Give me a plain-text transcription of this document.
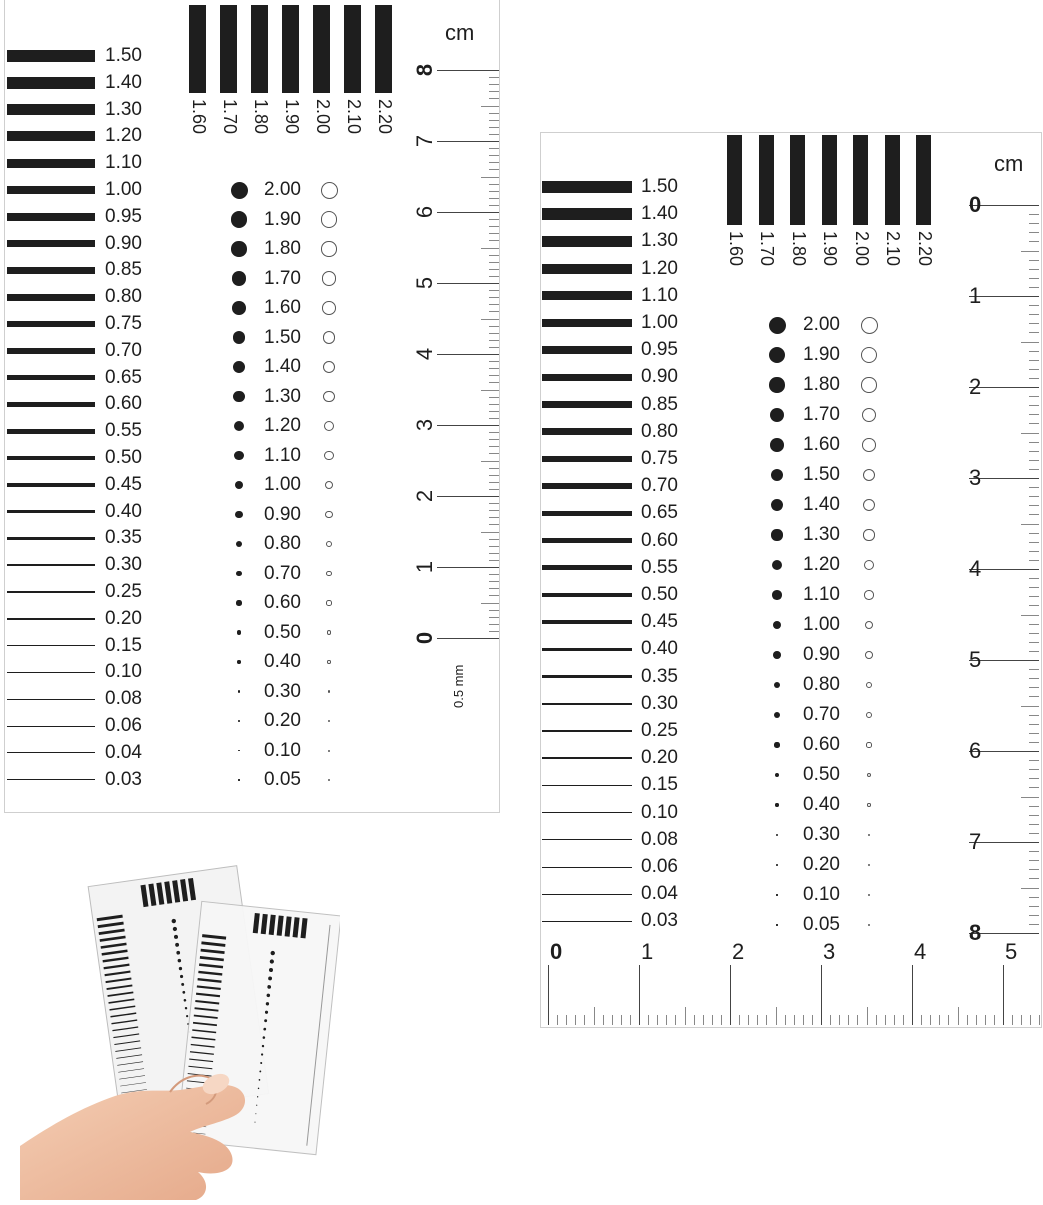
1.50
1.40
1.30
1.20
1.10
1.00
0.95
0.90
0.85
0.80
0.75
0.70
0.65
0.60
0.55
0.50
0.45
0.40
0.35
0.30
0.25
0.20
0.15
0.10
0.08
0.06
0.04
0.03
1.60 1.70 1.80 1.90 2.00 2.10 2.20
2.00
1.90
1.80
1.70
1.60
1.50
1.40
1.30
1.20
1.10
1.00
0.90
0.80
0.70
0.60
0.50
0.40
0.30
0.20
0.10
0.05
8
7
6
5
4
3
2
1
0
cm
0.5 mm
1.50
1.40
1.30
1.20
1.10
1.00
0.95
0.90
0.85
0.80
0.75
0.70
0.65
0.60
0.55
0.50
0.45
0.40
0.35
0.30
0.25
0.20
0.15
0.10
0.08
0.06
0.04
0.03
1.60 1.70 1.80 1.90 2.00 2.10 2.20
2.00
1.90
1.80
1.70
1.60
1.50
1.40
1.30
1.20
1.10
1.00
0.90
0.80
0.70
0.60
0.50
0.40
0.30
0.20
0.10
0.05
0
1
2
3
4
5
6
7
8
0	1	2	3	4	5
cm
